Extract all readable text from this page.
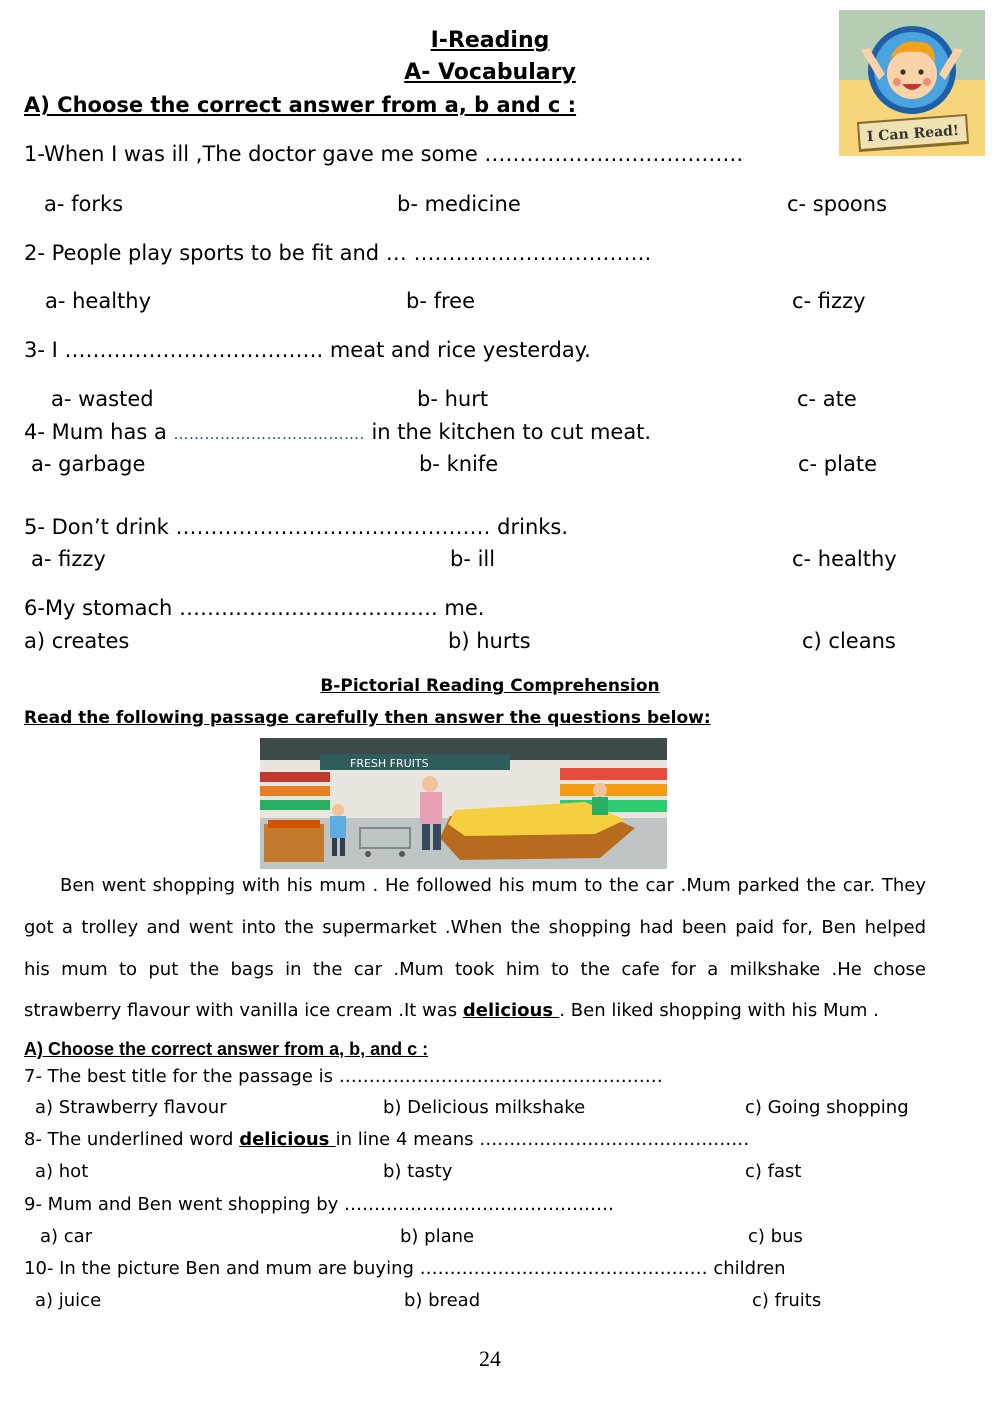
I-Reading
A- Vocabulary
A) Choose the correct answer from a, b and c :
I Can Read!
1-When I was ill ,The doctor gave me some ……………………………….
a- forks	b- medicine	c- spoons
2- People play sports to be fit and … …………………………….
a- healthy	b- free	c- fizzy
3- I ………………………………. meat and rice yesterday.
a- wasted	b- hurt	c- ate
4- Mum has a ………………………………. in the kitchen to cut meat.
a- garbage	b- knife	c- plate
5- Don’t drink ……………………………………… drinks.
a- fizzy	b- ill	c- healthy
6-My stomach ………………………………. me.
a) creates	b) hurts	c) cleans
B-Pictorial Reading Comprehension
Read the following passage carefully then answer the questions below:
FRESH FRUITS

Ben went shopping with his mum . He followed his mum to the car .Mum parked the car. They

got a trolley and went into the supermarket .When the shopping had been paid for, Ben helped

his mum to put the bags in the car .Mum took him to the cafe for a milkshake .He chose

strawberry flavour with vanilla ice cream .It was delicious . Ben liked shopping with his Mum .
A) Choose the correct answer from a, b, and c :
7- The best title for the passage is ………………………………………………
a) Strawberry flavour	b) Delicious milkshake	c) Going shopping
8- The underlined word delicious in line 4 means ………………………………………
a) hot	b) tasty	c) fast
9- Mum and Ben went shopping by ………………………………………
a) car	b) plane	c) bus
10- In the picture Ben and mum are buying ………………………………………… children
a) juice	b) bread	c) fruits
24
